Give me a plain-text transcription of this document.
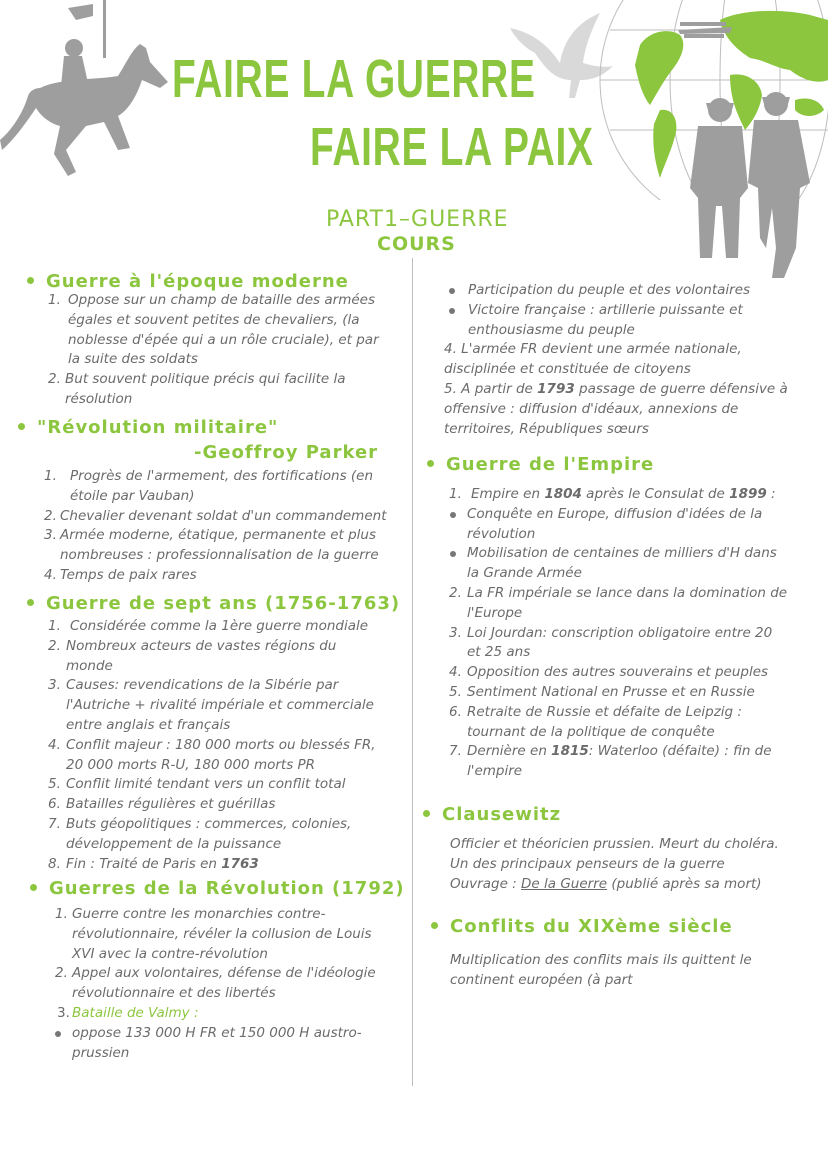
FAIRE LA GUERRE
FAIRE LA PAIX
PART1–GUERRE
COURS
Guerre à l'époque moderne
1. Oppose sur un champ de bataille des armées
égales et souvent petites de chevaliers, (la
noblesse d'épée qui a un rôle cruciale), et par
la suite des soldats
2. But souvent politique précis qui facilite la
résolution
"Révolution militaire"
-Geoffroy Parker
1. Progrès de l'armement, des fortifications (en
étoile par Vauban)
2. Chevalier devenant soldat d'un commandement
3. Armée moderne, étatique, permanente et plus
nombreuses : professionnalisation de la guerre
4. Temps de paix rares
Guerre de sept ans (1756-1763)
1. Considérée comme la 1ère guerre mondiale
2. Nombreux acteurs de vastes régions du
monde
3. Causes: revendications de la Sibérie par
l'Autriche + rivalité impériale et commerciale
entre anglais et français
4. Conflit majeur : 180 000 morts ou blessés FR,
20 000 morts R-U, 180 000 morts PR
5. Conflit limité tendant vers un conflit total
6. Batailles régulières et guérillas
7. Buts géopolitiques : commerces, colonies,
développement de la puissance
8. Fin : Traité de Paris en 1763
Guerres de la Révolution (1792)
1. Guerre contre les monarchies contre-
révolutionnaire, révéler la collusion de Louis
XVI avec la contre-révolution
2. Appel aux volontaires, défense de l'idéologie
révolutionnaire et des libertés
3. Bataille de Valmy :
oppose 133 000 H FR et 150 000 H austro-
prussien
Participation du peuple et des volontaires
Victoire française : artillerie puissante et
enthousiasme du peuple
4. L'armée FR devient une armée nationale,
disciplinée et constituée de citoyens
5. A partir de 1793 passage de guerre défensive à
offensive : diffusion d'idéaux, annexions de
territoires, Républiques sœurs
Guerre de l'Empire
1. Empire en 1804 après le Consulat de 1899 :
Conquête en Europe, diffusion d'idées de la
révolution
Mobilisation de centaines de milliers d'H dans
la Grande Armée
2. La FR impériale se lance dans la domination de
l'Europe
3. Loi Jourdan: conscription obligatoire entre 20
et 25 ans
4. Opposition des autres souverains et peuples
5. Sentiment National en Prusse et en Russie
6. Retraite de Russie et défaite de Leipzig :
tournant de la politique de conquête
7. Dernière en 1815: Waterloo (défaite) : fin de
l'empire
Clausewitz
Officier et théoricien prussien. Meurt du choléra.
Un des principaux penseurs de la guerre
Ouvrage : De la Guerre (publié après sa mort)
Conflits du XIXème siècle
Multiplication des conflits mais ils quittent le
continent européen (à part
